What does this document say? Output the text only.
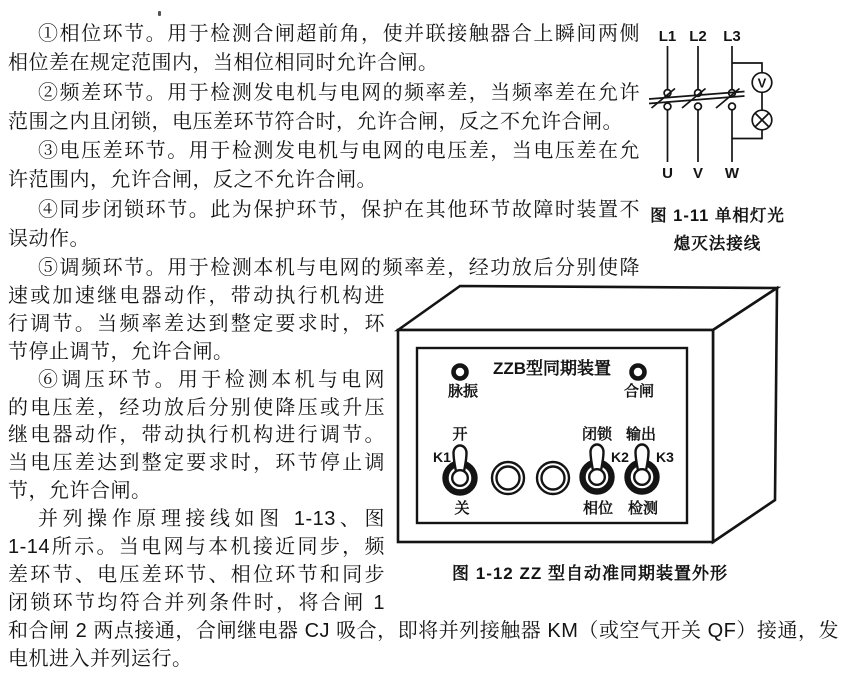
①相位环节。用于检测合闸超前角，使并联接触器合上瞬间两侧
相位差在规定范围内，当相位相同时允许合闸。
②频差环节。用于检测发电机与电网的频率差，当频率差在允许
范围之内且闭锁，电压差环节符合时，允许合闸，反之不允许合闸。
③电压差环节。用于检测发电机与电网的电压差，当电压差在允
许范围内，允许合闸，反之不允许合闸。
④同步闭锁环节。此为保护环节，保护在其他环节故障时装置不
误动作。
⑤调频环节。用于检测本机与电网的频率差，经功放后分别使降
速或加速继电器动作，带动执行机构进
行调节。当频率差达到整定要求时，环
节停止调节，允许合闸。
⑥调压环节。用于检测本机与电网
的电压差，经功放后分别使降压或升压
继电器动作，带动执行机构进行调节。
当电压差达到整定要求时，环节停止调
节，允许合闸。
并列操作原理接线如图 1-13、图
1-14所示。当电网与本机接近同步，频
差环节、电压差环节、相位环节和同步
闭锁环节均符合并列条件时，将合闸 1
和合闸 2 两点接通，合闸继电器 CJ 吸合，即将并列接触器 KM（或空气开关 QF）接通，发
电机进入并列运行。
L1 L2 L3
U V W
V
图 1-11 单相灯光
熄灭法接线
ZZB型同期装置
脉振	合闸
开
K1
关
闭锁
K2
相位
输出
K3
检测
图 1-12 ZZ 型自动准同期装置外形
